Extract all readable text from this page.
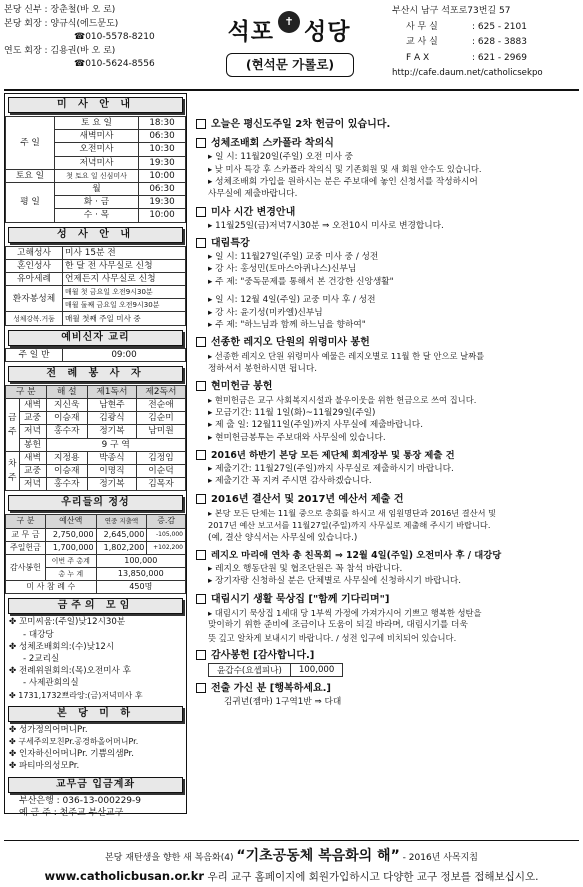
본당 신부 : 장춘철(바 오 로)
본당 회장 : 양규식(에드문도)
☎010-5578-8210
연도 회장 : 김용권(바 오 로)
☎010-5624-8556
석포 성당
✝
(현석문 가롤로)
부산시 남구 석포로73번길 57
사 무 실	: 625 - 2101
교 사 실	: 628 - 3883
F A X	: 621 - 2969
http://cafe.daum.net/catholicsekpo
미 사 안 내
주 일	토 요 일	18:30
	새벽미사	06:30
	오전미사	10:30
	저녁미사	19:30
토요 일	첫 토요 일 신심미사	10:00
평 일	월	06:30
	화 · 금	19:30
	수 · 목	10:00
성 사 안 내
고해성사	미사 15분 전
혼인성사	한 달 전 사무실로 신청
유아세례	언제든지 사무실로 신청
환자봉성체	매월 첫 금요일 오전9시30분
	매월 둘째 금요일 오전9시30분
성체강복.거둠	매월 첫째 주일 미사 중
예비신자 교리
주 일 반	09:00
전 례 봉 사 자
구 분		해 설	제1독서	제2독서
금주	새벽	지신욱	남현주	전순애
	교중	이승재	김광식	김순미
	저녁	홍수자	정기복	남미원
	봉헌	9 구 역		
차주	새벽	지정용	박종식	김정임
	교중	이승재	이명직	이순덕
	저녁	홍수자	정기복	김목자
우리들의 정성
구 분	예산액	연중 지출액	증.감
교 무 금	2,750,000	2,645,000	-105,000
주일헌금	1,700,000	1,802,200	+102,200
감사봉헌	이번 주 총계	100,000	
	총 누 계	13,850,000	
미 사 참 례 수		450명	
금주의 모임
✤ 꼬미씨움:(주일)낮12시30분
- 대강당
✤ 성체조배회의:(수)낮12시
- 2교리실
✤ 전례위원회의:(목)오전미사 후
- 사제관회의실
✤ 1731,1732쁘라앙:(금)저녁미사 후
본 당 미 하
✤ 성가정의어머니Pr.
✤ 구세주의모친Pr.공경하올어머니Pr.
✤ 인자하신어머니Pr. 기쁨의샘Pr.
✤ 파티마의성모Pr.
교무금 입금계좌
부산은행 : 036-13-000229-9
예 금 주 : 천주교 부산교구
오늘은 평신도주일 2차 헌금이 있습니다.
성체조배회 스카폴라 착의식
▸ 일 시: 11월20일(주일) 오전 미사 중
▸ 낮 미사 특강 후 스카폴라 착의식 및 기존회원 및 새 회원 안수도 있습니다.
▸ 성체조배회 가입을 원하시는 분은 주보대에 놓인 신청서를 작성하시어
사무실에 제출바랍니다.
미사 시간 변경안내
▸ 11월25일(금)저녁7시30분 ⇒ 오전10시 미사로 변경합니다.
대림특강
▸ 일 시: 11월27일(주일) 교중 미사 중 / 성전
▸ 강 사: 홍성민(토마스아퀴나스)신부님
▸ 주 제: "중독문제를 통해서 본 건강한 신앙생활"
▸ 일 시: 12월 4일(주일) 교중 미사 후 / 성전
▸ 강 사: 윤기성(미카엘)신부님
▸ 주 제: "하느님과 함께 하느님을 향하여"
선종한 레지오 단원의 위령미사 봉헌
▸ 선종한 레지오 단원 위령미사 예물은 레지오별로 11월 한 달 안으로 날짜를
정하셔서 봉헌하시면 됩니다.
현미헌금 봉헌
▸ 현미헌금은 교구 사회복지시설과 불우이웃을 위한 헌금으로 쓰여 집니다.
▸ 모금기간: 11월 1일(화)~11월29일(주일)
▸ 제 출 일: 12월11일(주일)까지 사무실에 제출바랍니다.
▸ 현미헌금봉투는 주보대와 사무실에 있습니다.
2016년 하반기 본당 모든 제단체 회계장부 및 통장 제출 건
▸ 제출기간: 11월27일(주일)까지 사무실로 제출하시기 바랍니다.
▸ 제출기간 꼭 지켜 주시면 감사하겠습니다.
2016년 결산서 및 2017년 예산서 제출 건
▸ 본당 모든 단체는 11월 중으로 총회를 하시고 새 임원명단과 2016년 결산서 및
2017년 예산 보고서를 11월27일(주일)까지 사무실로 제출해 주시기 바랍니다.
(예, 결산 양식서는 사무실에 있습니다.)
레지오 마리애 연차 총 친목회 ⇒ 12월 4일(주일) 오전미사 후 / 대강당
▸ 레지오 행동단원 및 협조단원은 꼭 참석 바랍니다.
▸ 장기자랑 신청하실 분은 단체별로 사무실에 신청하시기 바랍니다.
대림시기 생활 묵상집 ["함께 기다리며"]
▸ 대림시기 묵상집 1세대 당 1부씩 가정에 가져가시어 기쁘고 행복한 성탄을
맞이하기 위한 준비에 조금이나 도움이 되길 바라며, 대림시기를 더욱
뜻 깊고 알차게 보내시기 바랍니다. / 성전 입구에 비치되어 있습니다.
감사봉헌 [감사합니다.]
윤갑수(요셉피나)	100,000
전출 가신 분 [행복하세요.]
김귀년(젬마) 1구역1반 ⇒ 다대
본당 재탄생을 향한 새 복음화(4) “기초공동체 복음화의 해” - 2016년 사목지침
www.catholicbusan.or.kr 우리 교구 홈페이지에 회원가입하시고 다양한 교구 정보를 접해보십시오.
